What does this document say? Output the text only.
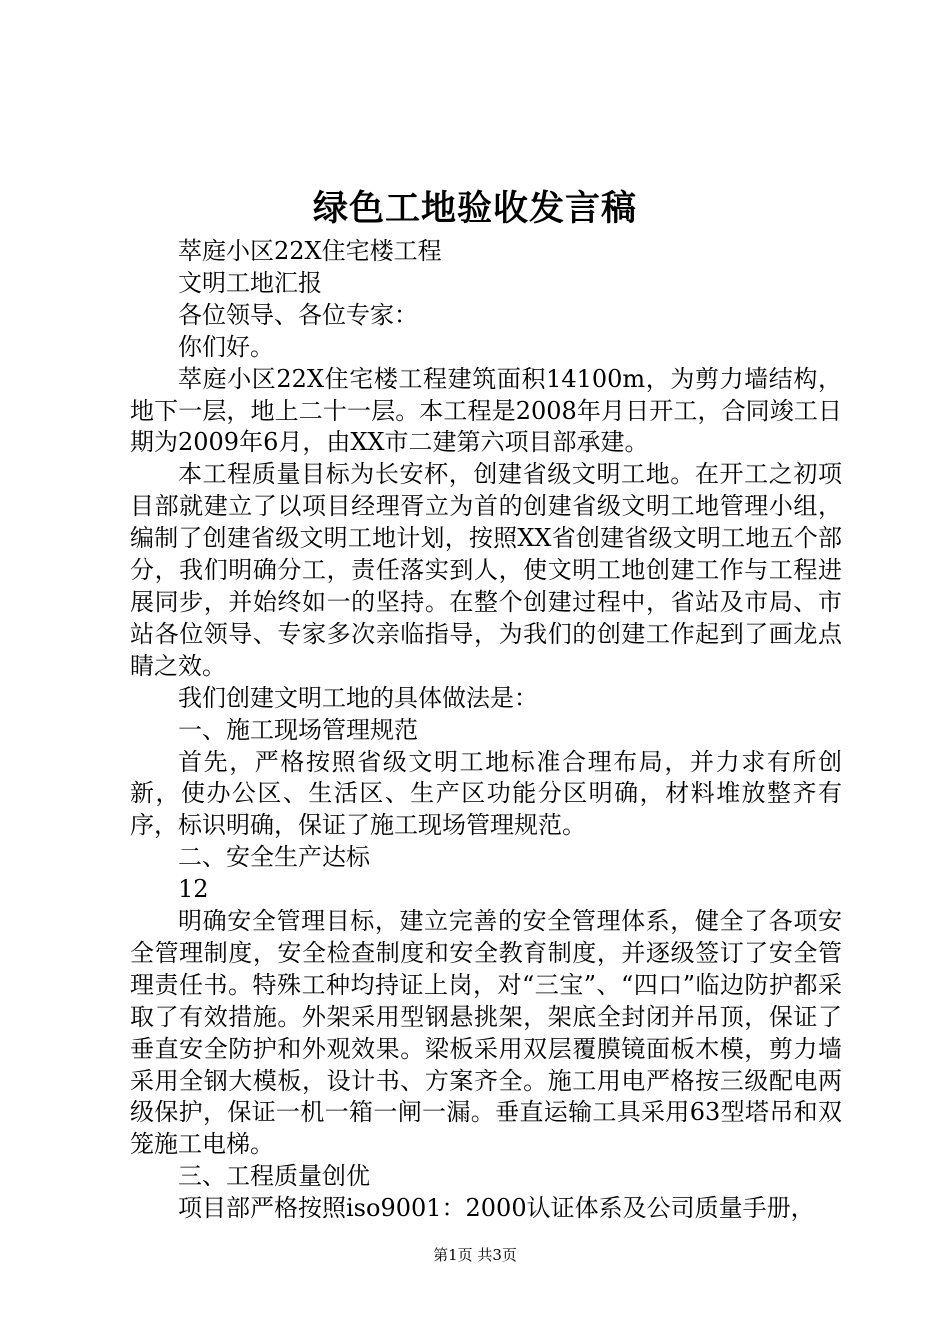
绿色工地验收发言稿

萃庭小区22X住宅楼工程

文明工地汇报

各位领导、各位专家：

你们好。

萃庭小区22X住宅楼工程建筑面积14100m，为剪力墙结构，地下一层，地上二十一层。本工程是2008年月日开工，合同竣工日期为2009年6月，由XX市二建第六项目部承建。

本工程质量目标为长安杯，创建省级文明工地。在开工之初项目部就建立了以项目经理胥立为首的创建省级文明工地管理小组，编制了创建省级文明工地计划，按照XX省创建省级文明工地五个部分，我们明确分工，责任落实到人，使文明工地创建工作与工程进展同步，并始终如一的坚持。在整个创建过程中，省站及市局、市站各位领导、专家多次亲临指导，为我们的创建工作起到了画龙点睛之效。

我们创建文明工地的具体做法是：

一、施工现场管理规范

首先，严格按照省级文明工地标准合理布局，并力求有所创新，使办公区、生活区、生产区功能分区明确，材料堆放整齐有序，标识明确，保证了施工现场管理规范。

二、安全生产达标

12

明确安全管理目标，建立完善的安全管理体系，健全了各项安全管理制度，安全检查制度和安全教育制度，并逐级签订了安全管理责任书。特殊工种均持证上岗，对“三宝”、“四口”临边防护都采取了有效措施。外架采用型钢悬挑架，架底全封闭并吊顶，保证了垂直安全防护和外观效果。梁板采用双层覆膜镜面板木模，剪力墙采用全钢大模板，设计书、方案齐全。施工用电严格按三级配电两级保护，保证一机一箱一闸一漏。垂直运输工具采用63型塔吊和双笼施工电梯。

三、工程质量创优

项目部严格按照iso9001：2000认证体系及公司质量手册，

第1页 共3页
